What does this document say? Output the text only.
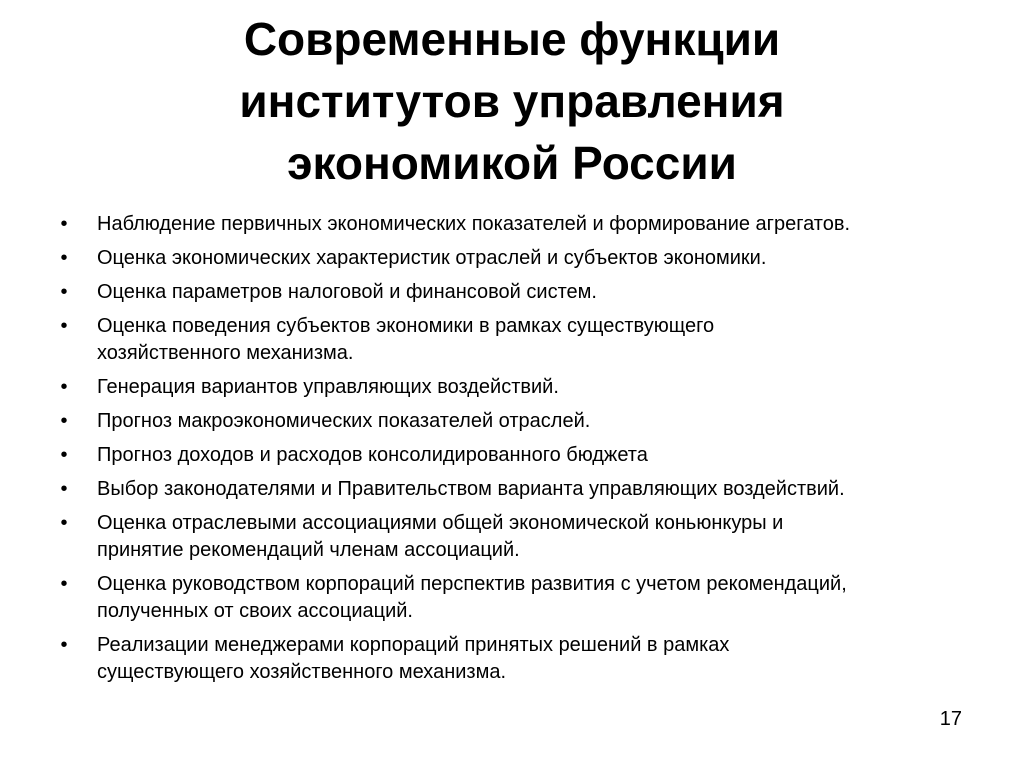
Современные функции
институтов управления
экономикой России
• Наблюдение первичных экономических показателей и формирование агрегатов.
• Оценка экономических характеристик отраслей и субъектов экономики.
• Оценка параметров налоговой и финансовой систем.
• Оценка поведения субъектов экономики в рамках существующего
хозяйственного механизма.
• Генерация вариантов управляющих воздействий.
• Прогноз макроэкономических показателей отраслей.
• Прогноз доходов и расходов консолидированного бюджета
• Выбор законодателями и Правительством варианта управляющих воздействий.
• Оценка отраслевыми ассоциациями общей экономической коньюнкуры и
принятие рекомендаций членам ассоциаций.
• Оценка руководством корпораций перспектив развития с учетом рекомендаций,
полученных от своих ассоциаций.
• Реализации менеджерами корпораций принятых решений в рамках
существующего хозяйственного механизма.
17
